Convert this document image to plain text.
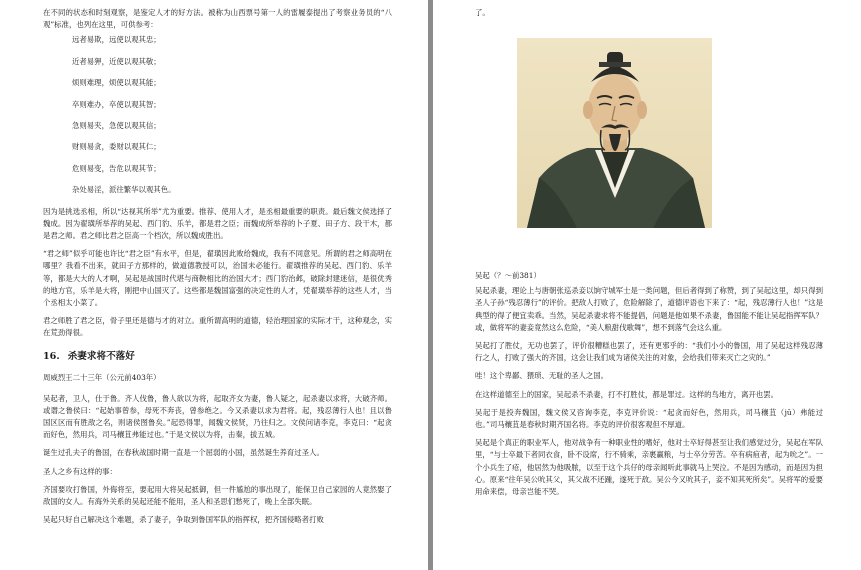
在不同的状态和时刻观察，是鉴定人才的好方法。被称为山西票号第一人的雷履泰提出了考察业务员的“八观”标准，也列在这里，可供参考：

远者易欺，远使以观其忠；

近者易狎，近使以观其敬；

烦则难理，烦使以观其能；

卒则难办，卒使以观其智；

急则易夹，急使以观其信；

财则易贪，委财以观其仁；

危则易变，告危以观其节；

杂处易淫，派往繁华以观其色。

因为是挑选丞相，所以“达视其所举”尤为重要。推荐、使用人才，是丞相最重要的职责。最后魏文侯选择了魏成。因为翟璜所举荐的吴起、西门豹、乐羊，都是君之臣；而魏成所举荐的卜子夏、田子方、段干木，都是君之师。君之师比君之臣高一个档次，所以魏成胜出。

“君之师”似乎可能也许比“君之臣”有水平，但是，翟璜因此败给魏成，我有不同意见。所谓的君之师高明在哪里？我看不出来，就田子方那样的，做道德教授可以，治国未必能行。翟璜推荐的吴起、西门豹、乐羊等，都是大大的人才啊，吴起是战国时代堪与商鞅相比的治国大才；西门豹治邺，破除封建迷信，是很优秀的地方官，乐羊是大将，刚把中山国灭了。这些都是魏国富强的决定性的人才，凭翟璜举荐的这些人才，当个丞相太小菜了。

君之师胜了君之臣，骨子里还是德与才的对立。重所谓高明的道德，轻治理国家的实际才干，这种观念，实在荒劲得很。

16. 杀妻求将不落好

周威烈王二十三年（公元前403年）

吴起者，卫人，仕于鲁。齐人伐鲁，鲁人欲以为将，起取齐女为妻，鲁人疑之，起杀妻以求将，大破齐师。或谮之鲁侯曰：“起始事曾参，母死不奔丧，曾参绝之。今又杀妻以求为君将。起，残忍薄行人也！且以鲁国区区而有胜敌之名，则诸侯图鲁矣。”起恐得罪，闻魏文侯贤，乃往归之。文侯问诸李克，李克曰：“起贪而好色，然用兵，司马穰苴弗能过也。”于是文侯以为将，击秦，拔五城。

诞生过孔夫子的鲁国，在春秋战国时期一直是一个屈弱的小国，虽然诞生养育过圣人。

圣人之乡有这样的事：

齐国要攻打鲁国，外侮将至，要起用大将吴起抵御，但一件尴尬的事出现了，能保卫自己家园的人竟然娶了敌国的女人。有海外关系的吴起还能不能用，圣人和圣思们愁死了，晚上全部失眠。

吴起只好自己解决这个难题，杀了妻子，争取到鲁国军队的指挥权，把齐国侵略者打败

了。

吴起（？～前381）

吴起杀妻，理论上与唐朝张巡杀妾以饷守城军士是一类问题，但后者得到了称赞，到了吴起这里，却只得到圣人子孙“残忍薄行”的评价。把敌人打败了，危险解除了，道德评语也下来了：“起，残忍薄行人也！”这是典型的得了便宜卖乖。当然，吴起杀妻求将不能提倡，问题是他如果不杀妻，鲁国能不能让吴起指挥军队？或，做将军的妻妾竟然这么危险，“美人粮甜伐歌舞”，想不到落气会这么重。

吴起打了胜仗，无功也罢了，评价很糟糕也罢了，还有更邪乎的：“我们小小的鲁国，用了吴起这样残忍薄行之人，打败了强大的齐国，这会让我们成为诸侯关注的对象，会给我们带来灭亡之灾的。”

哇！这个卑鄙、猥琐、无耻的圣人之国。

在这样道德至上的国家，吴起杀不杀妻，打不打胜仗，都是罪过。这样的鸟地方，离开也罢。

吴起于是投奔魏国，魏文侯又咨询李克，李克评价说：“起贪而好色，然用兵，司马穰苴（jū）弗能过也。”司马穰苴是春秋时期齐国名将。李克的评价很客观但不厚道。

吴起是个真正的职业军人，他对战争有一种职业性的嗜好，他对士卒好得甚至让我们感觉过分，吴起在军队里，“与士卒最下者同衣食，卧不设席，行不骑乘，亲裹赢粮，与士卒分劳苦。卒有病疽者，起为吮之”。一个小兵生了疮，他居然为他吸脓，以至于这个兵仔的母亲闻听此事就马上哭泣。不是因为感动，而是因为担心。原来“往年吴公吮其父，其父战不还踵，遂死于敌。吴公今又吮其子，妾不知其死所矣”。吴将军的爱要用命来偿，母亲岂能不哭。
